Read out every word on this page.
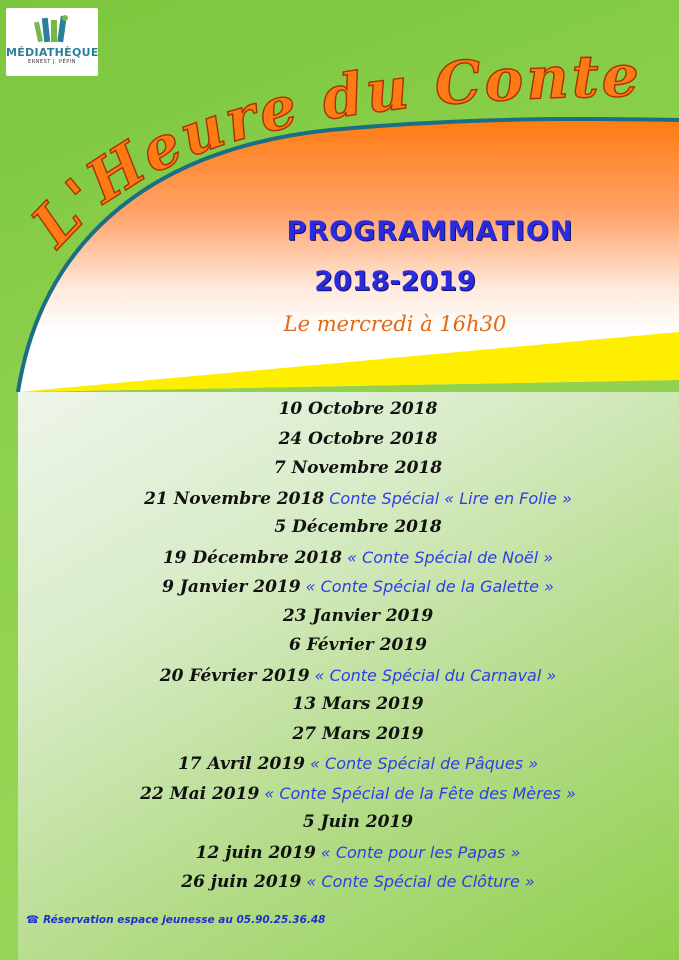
MÉDIATHÈQUE
ERNEST J. PÉPIN
L'Heure du Conte
PROGRAMMATION
2018-2019
Le mercredi à 16h30
10 Octobre 2018
24 Octobre 2018
7 Novembre 2018
21 Novembre 2018 Conte Spécial « Lire en Folie »
5 Décembre 2018
19 Décembre 2018 « Conte Spécial de Noël »
9 Janvier 2019 « Conte Spécial de la Galette »
23 Janvier 2019
6 Février 2019
20 Février 2019 « Conte Spécial du Carnaval »
13 Mars 2019
27 Mars 2019
17 Avril 2019 « Conte Spécial de Pâques »
22 Mai 2019 « Conte Spécial de la Fête des Mères »
5 Juin 2019
12 juin 2019 « Conte pour les Papas »
26 juin 2019 « Conte Spécial de Clôture »
☎ Réservation espace jeunesse au 05.90.25.36.48
